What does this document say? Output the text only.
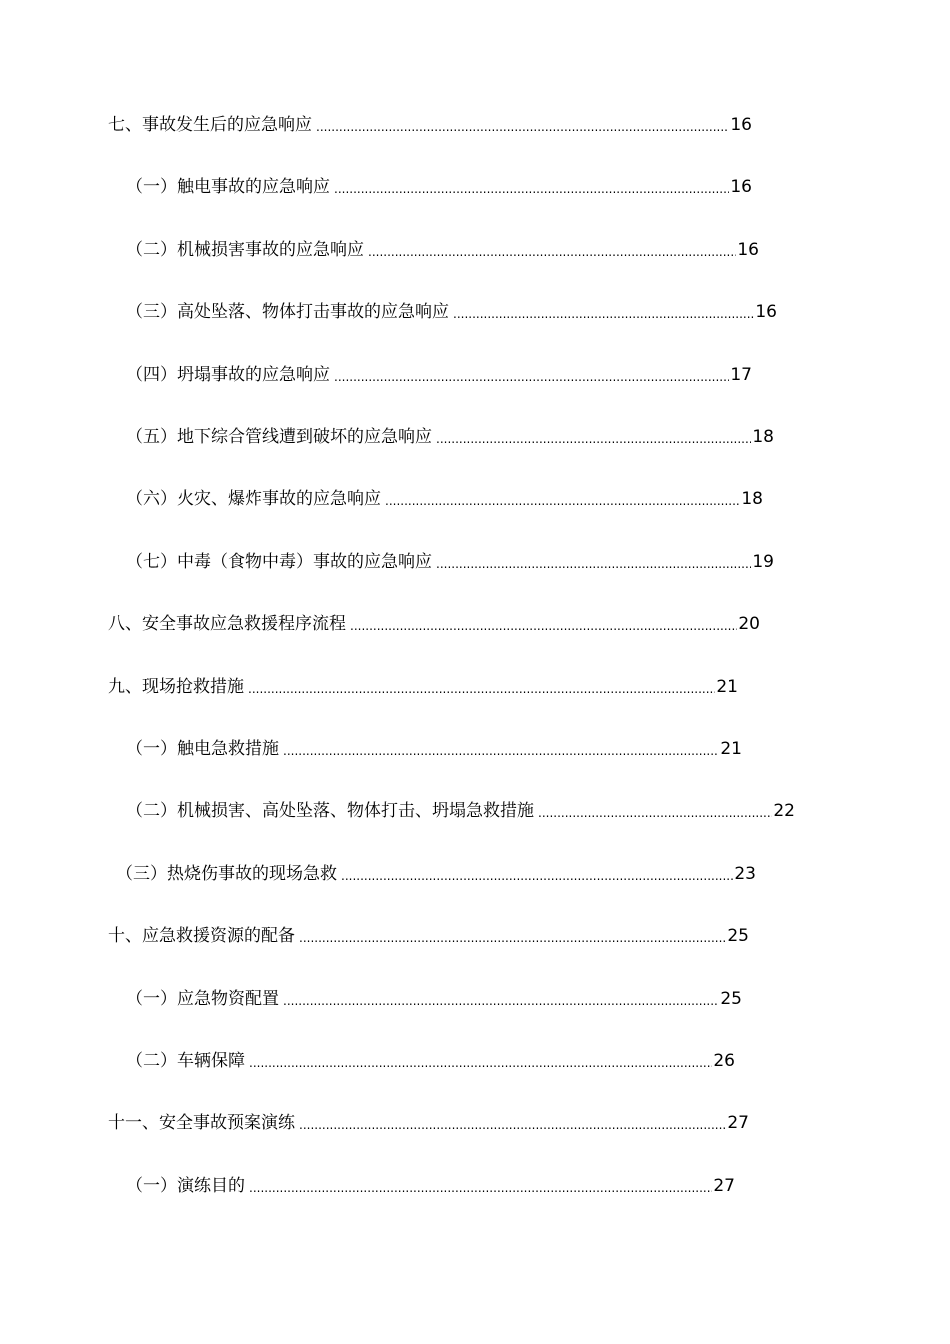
七、事故发生后的应急响应 .....	16
（一）触电事故的应急响应 .....	16
（二）机械损害事故的应急响应 .....	16
（三）高处坠落、物体打击事故的应急响应 .....	16
（四）坍塌事故的应急响应 .....	17
（五）地下综合管线遭到破坏的应急响应 .....	18
（六）火灾、爆炸事故的应急响应 .....	18
（七）中毒（食物中毒）事故的应急响应 .....	19
八、安全事故应急救援程序流程 .....	20
九、现场抢救措施 .....	21
（一）触电急救措施 .....	21
（二）机械损害、高处坠落、物体打击、坍塌急救措施 .....	22
（三）热烧伤事故的现场急救 .....	23
十、应急救援资源的配备 .....	25
（一）应急物资配置 .....	25
（二）车辆保障 .....	26
十一、安全事故预案演练 .....	27
（一）演练目的 .....	27
